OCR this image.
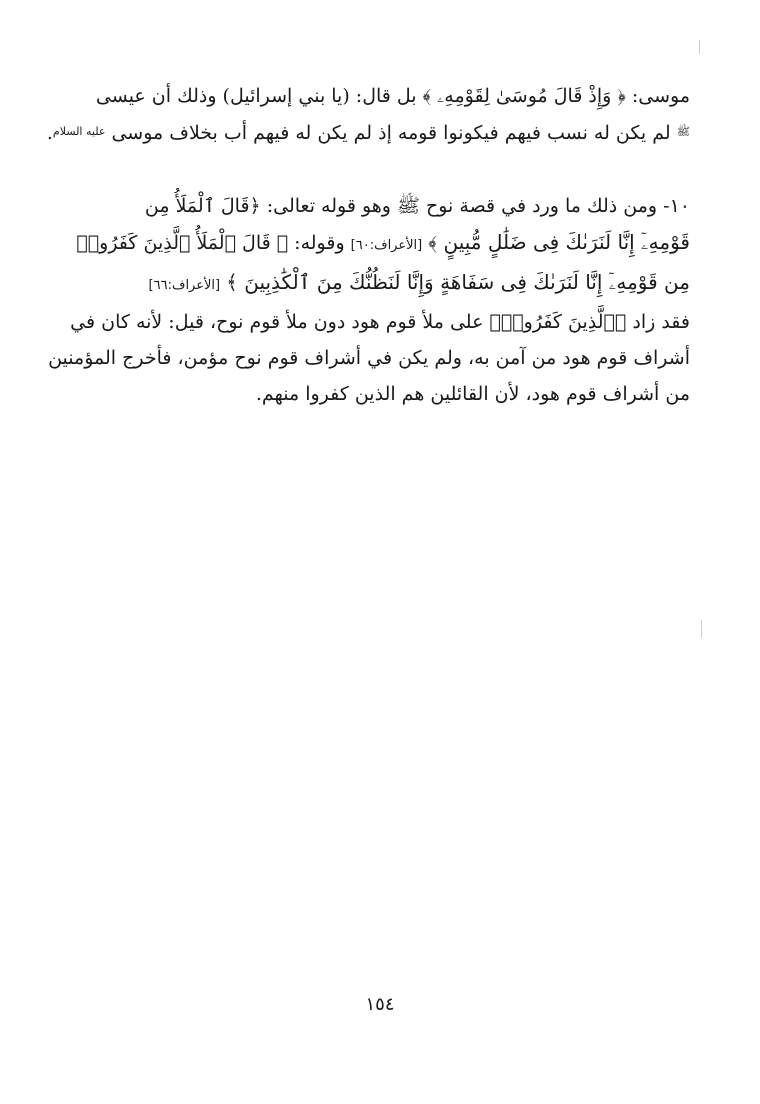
موسى: ﴿ وَإِذْ قَالَ مُوسَىٰ لِقَوْمِهِۦ ﴾ بل قال: (يا بني إسرائيل) وذلك أن عيسى
$^ﷺ$ لم يكن له نسب فيهم فيكونوا قومه إذ لم يكن له فيهم أب بخلاف موسى $^{عليه السلام}$.
١٠- ومن ذلك ما ورد في قصة نوح ﷺ وهو قوله تعالى: ﴿قَالَ ٱلْمَلَأُ مِن
قَوْمِهِۦٓ إِنَّا لَنَرَىٰكَ فِى ضَلَٰلٍ مُّبِينٍ ﴾ [الأعراف:٦٠] وقوله: ﴿ قَالَ ٱلْمَلَأُ ٱلَّذِينَ كَفَرُوا۟
مِن قَوْمِهِۦٓ إِنَّا لَنَرَىٰكَ فِى سَفَاهَةٍ وَإِنَّا لَنَظُنُّكَ مِنَ ٱلْكَٰذِبِينَ ﴾ [الأعراف:٦٦]
فقد زاد ﴿ٱلَّذِينَ كَفَرُوا۟﴾ على ملأ قوم هود دون ملأ قوم نوح، قيل: لأنه كان في
أشراف قوم هود من آمن به، ولم يكن في أشراف قوم نوح مؤمن، فأخرج المؤمنين
من أشراف قوم هود، لأن القائلين هم الذين كفروا منهم.
١٥٤
